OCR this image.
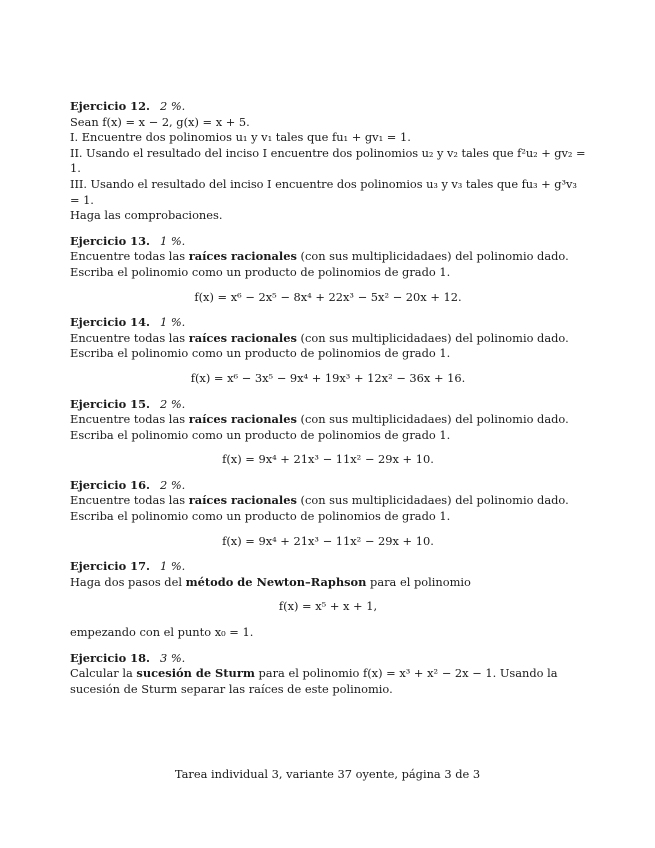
Ejercicio 12. 2 %.

Sean f(x) = x − 2, g(x) = x + 5.

I. Encuentre dos polinomios u₁ y v₁ tales que fu₁ + gv₁ = 1.

II. Usando el resultado del inciso I encuentre dos polinomios u₂ y v₂ tales que f²u₂ + gv₂ = 1.

III. Usando el resultado del inciso I encuentre dos polinomios u₃ y v₃ tales que fu₃ + g³v₃ = 1.

Haga las comprobaciones.

Ejercicio 13. 1 %.

Encuentre todas las raíces racionales (con sus multiplicidadaes) del polinomio dado. Escriba el polinomio como un producto de polinomios de grado 1.

f(x) = x⁶ − 2x⁵ − 8x⁴ + 22x³ − 5x² − 20x + 12.
Ejercicio 14. 1 %.

Encuentre todas las raíces racionales (con sus multiplicidadaes) del polinomio dado. Escriba el polinomio como un producto de polinomios de grado 1.

f(x) = x⁶ − 3x⁵ − 9x⁴ + 19x³ + 12x² − 36x + 16.
Ejercicio 15. 2 %.

Encuentre todas las raíces racionales (con sus multiplicidadaes) del polinomio dado. Escriba el polinomio como un producto de polinomios de grado 1.

f(x) = 9x⁴ + 21x³ − 11x² − 29x + 10.
Ejercicio 16. 2 %.

Encuentre todas las raíces racionales (con sus multiplicidadaes) del polinomio dado. Escriba el polinomio como un producto de polinomios de grado 1.

f(x) = 9x⁴ + 21x³ − 11x² − 29x + 10.
Ejercicio 17. 1 %.

Haga dos pasos del método de Newton–Raphson para el polinomio

f(x) = x⁵ + x + 1,

empezando con el punto x₀ = 1.

Ejercicio 18. 3 %.

Calcular la sucesión de Sturm para el polinomio f(x) = x³ + x² − 2x − 1. Usando la sucesión de Sturm separar las raíces de este polinomio.

Tarea individual 3, variante 37 oyente, página 3 de 3
